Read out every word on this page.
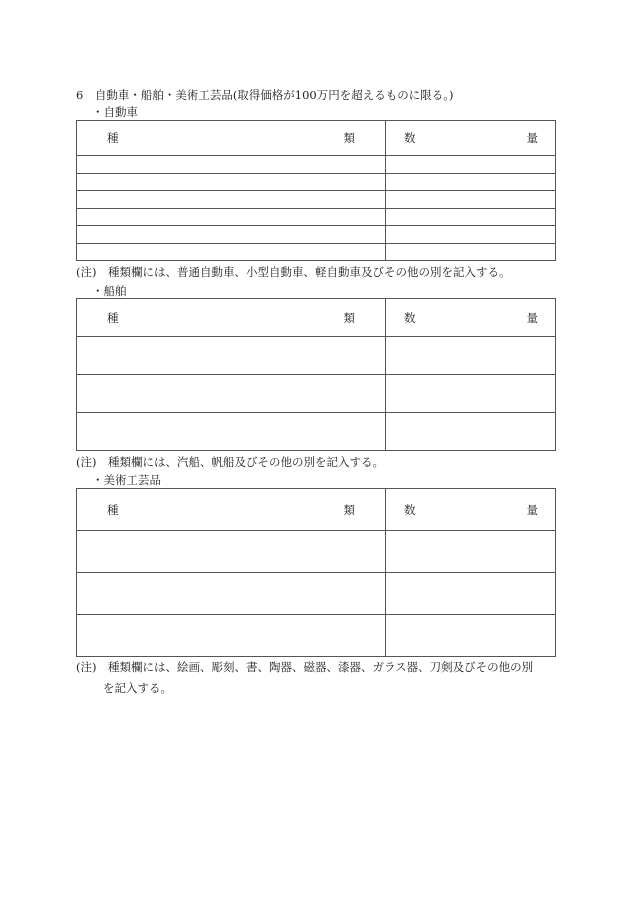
6　自動車・船舶・美術工芸品(取得価格が100万円を超えるものに限る。)
・自動車
種 類	数 量

(注)　種類欄には、普通自動車、小型自動車、軽自動車及びその他の別を記入する。
・船舶
種 類	数 量

(注)　種類欄には、汽船、帆船及びその他の別を記入する。
・美術工芸品
種 類	数 量

(注)　種類欄には、絵画、彫刻、書、陶器、磁器、漆器、ガラス器、刀剣及びその他の別
を記入する。
